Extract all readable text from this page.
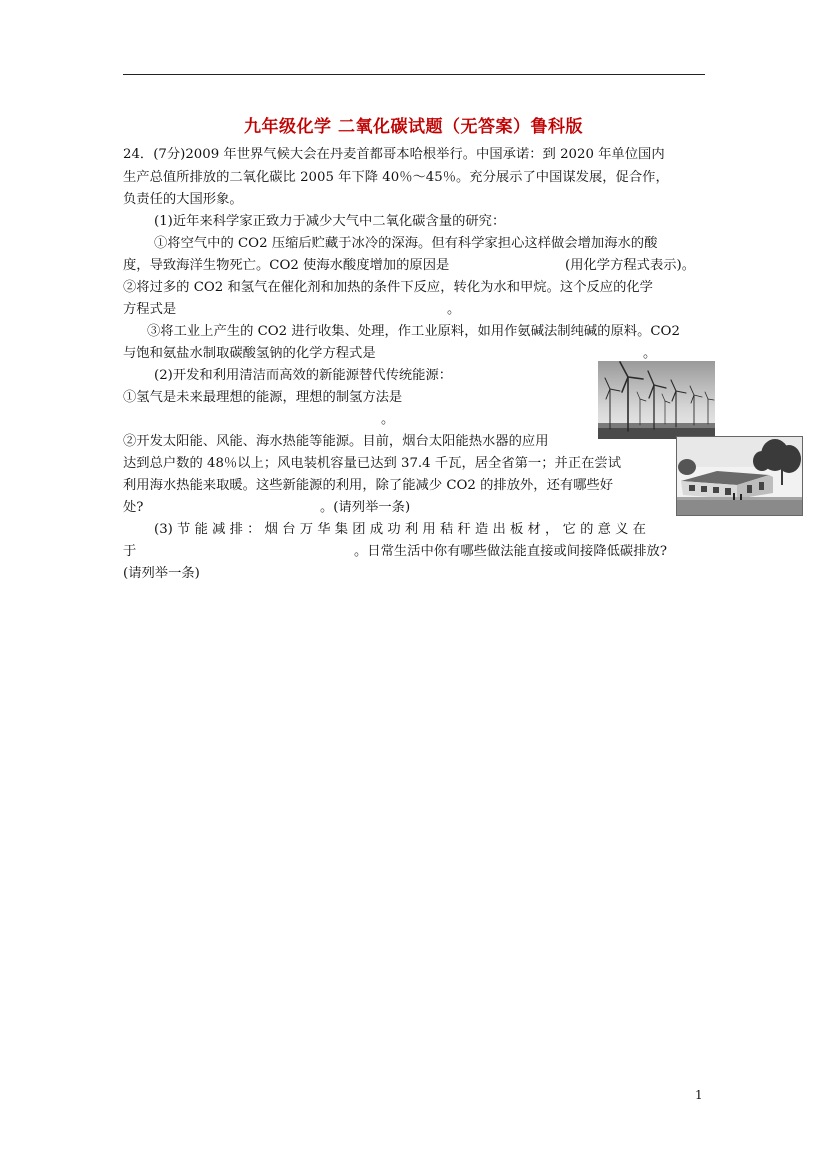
九年级化学 二氧化碳试题（无答案）鲁科版
24．(7分)2009 年世界气候大会在丹麦首都哥本哈根举行。中国承诺：到 2020 年单位国内
生产总值所排放的二氧化碳比 2005 年下降 40％～45％。充分展示了中国谋发展，促合作，
负责任的大国形象。
(1)近年来科学家正致力于减少大气中二氧化碳含量的研究：
①将空气中的 CO2 压缩后贮藏于冰冷的深海。但有科学家担心这样做会增加海水的酸
度，导致海洋生物死亡。CO2 使海水酸度增加的原因是	(用化学方程式表示)。
②将过多的 CO2 和氢气在催化剂和加热的条件下反应，转化为水和甲烷。这个反应的化学
方程式是	。
③将工业上产生的 CO2 进行收集、处理，作工业原料，如用作氨碱法制纯碱的原料。CO2
与饱和氨盐水制取碳酸氢钠的化学方程式是	。
(2)开发和利用清洁而高效的新能源替代传统能源：
①氢气是未来最理想的能源，理想的制氢方法是
。
②开发太阳能、风能、海水热能等能源。目前，烟台太阳能热水器的应用
达到总户数的 48％以上；风电装机容量已达到 37.4 千瓦，居全省第一；并正在尝试
利用海水热能来取暖。这些新能源的利用，除了能减少 CO2 的排放外，还有哪些好
处?	。(请列举一条)
(3) 节 能 减 排 ： 烟 台 万 华 集 团 成 功 利 用 秸 秆 造 出 板 材 ， 它 的 意 义 在
于	。日常生活中你有哪些做法能直接或间接降低碳排放?
(请列举一条)
1
